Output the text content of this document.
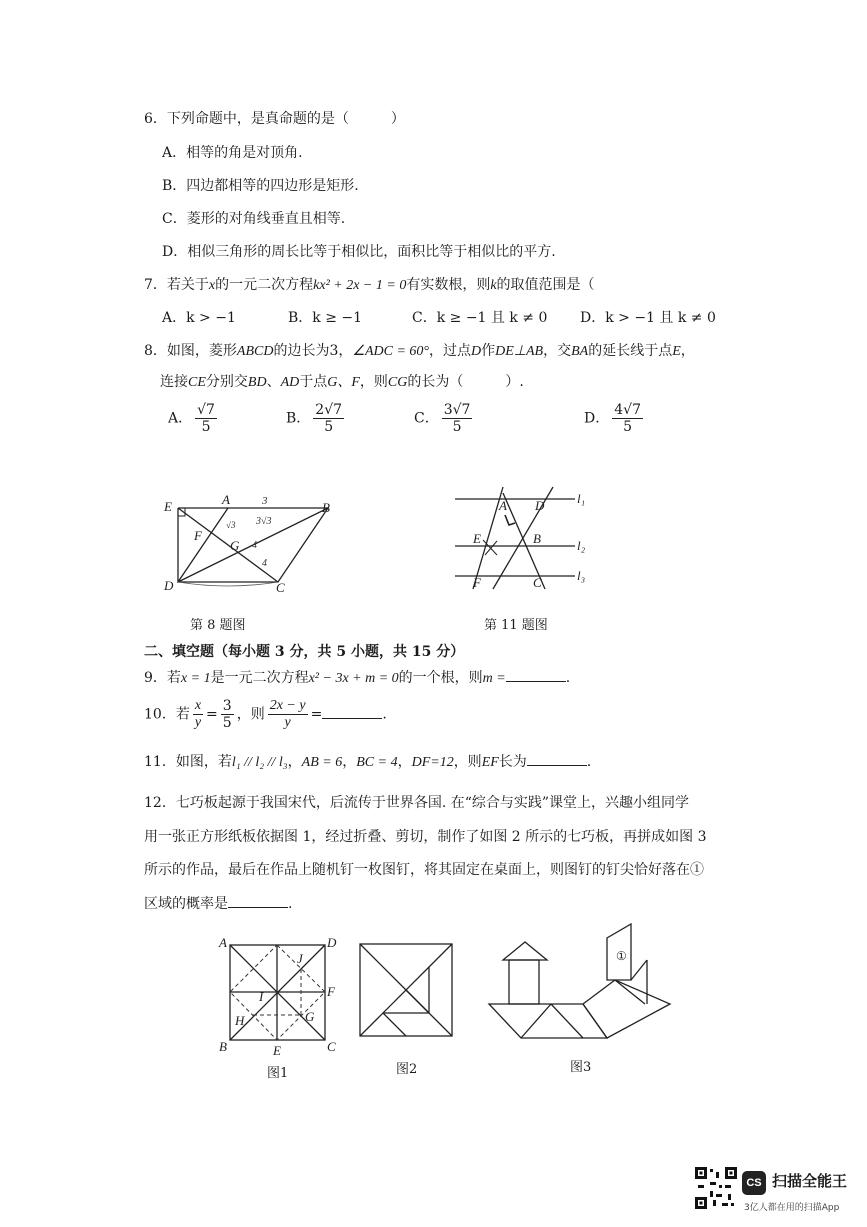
6．下列命题中，是真命题的是（　　　）
A．相等的角是对顶角.
B．四边都相等的四边形是矩形.
C．菱形的对角线垂直且相等.
D．相似三角形的周长比等于相似比，面积比等于相似比的平方.
7．若关于x的一元二次方程kx² + 2x − 1 = 0有实数根，则k的取值范围是（
A．k > −1	B．k ≥ −1	C．k ≥ −1 且 k ≠ 0 D．k > −1 且 k ≠ 0
8．如图，菱形ABCD的边长为3，∠ADC = 60°，过点D作DE⊥AB，交BA的延长线于点E，
连接CE分别交BD、AD于点G、F，则CG的长为（　　　）.
A． $\frac{√7}{5}$	B． $\frac{2√7}{5}$	C． $\frac{3√7}{5}$	D． $\frac{4√7}{5}$
E	A
B
F
G
D	C
3
3√3
√3
4
4
第 8 题图
A D
E	B
F	C
l₁
l₂
l₃
第 11 题图
二、填空题（每小题 3 分，共 5 小题，共 15 分）
9．若x = 1是一元二次方程x² − 3x + m = 0的一个根，则m =	.
10．若 $\frac{x}{y} = \frac{3}{5}$ ，则 $\frac{2x - y}{y}$ =	.
11．如图，若l₁ // l₂ // l₃，AB = 6，BC = 4，DF=12，则EF长为	.
12．七巧板起源于我国宋代，后流传于世界各国. 在“综合与实践”课堂上，兴趣小组同学
用一张正方形纸板依据图 1，经过折叠、剪切，制作了如图 2 所示的七巧板，再拼成如图 3
所示的作品，最后在作品上随机钉一枚图钉，将其固定在桌面上，则图钉的钉尖恰好落在①
区域的概率是	.
A	D
J
I	F
H	G
B	E	C
图1	图2
①
图3
CS 扫描全能王
3亿人都在用的扫描App
